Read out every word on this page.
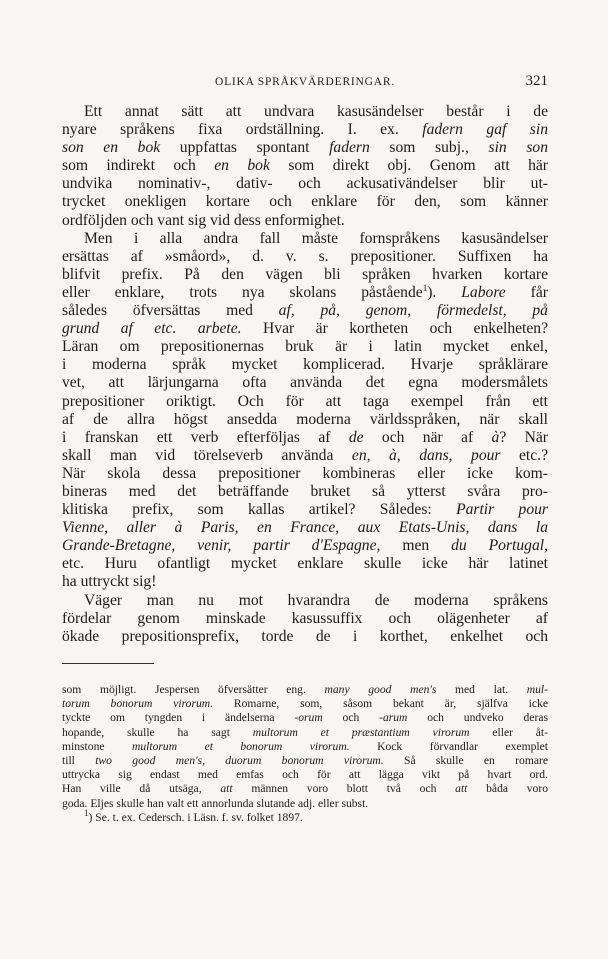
OLIKA SPRÅKVÄRDERINGAR.	321
Ett annat sätt att undvara kasusändelser består i de
nyare språkens fixa ordställning. I. ex. fadern gaf sin
son en bok uppfattas spontant fadern som subj., sin son
som indirekt och en bok som direkt obj. Genom att här
undvika nominativ-, dativ- och ackusativändelser blir ut-
trycket onekligen kortare och enklare för den, som känner
ordföljden och vant sig vid dess enformighet.
Men i alla andra fall måste fornspråkens kasusändelser
ersättas af »småord», d. v. s. prepositioner. Suffixen ha
blifvit prefix. På den vägen bli språken hvarken kortare
eller enklare, trots nya skolans påstående$^1$). Labore får
således öfversättas med af, på, genom, förmedelst, på
grund af etc. arbete. Hvar är kortheten och enkelheten?
Läran om prepositionernas bruk är i latin mycket enkel,
i moderna språk mycket komplicerad. Hvarje språklärare
vet, att lärjungarna ofta använda det egna modersmålets
prepositioner oriktigt. Och för att taga exempel från ett
af de allra högst ansedda moderna världsspråken, när skall
i franskan ett verb efterföljas af de och när af à? När
skall man vid törelseverb använda en, à, dans, pour etc.?
När skola dessa prepositioner kombineras eller icke kom-
bineras med det beträffande bruket så ytterst svåra pro-
klitiska prefix, som kallas artikel? Således: Partir pour
Vienne, aller à Paris, en France, aux Etats-Unis, dans la
Grande-Bretagne, venir, partir d'Espagne, men du Portugal,
etc. Huru ofantligt mycket enklare skulle icke här latinet
ha uttryckt sig!
Väger man nu mot hvarandra de moderna språkens
fördelar genom minskade kasussuffix och olägenheter af
ökade prepositionsprefix, torde de i korthet, enkelhet och
som möjligt. Jespersen öfversätter eng. many good men's med lat. mul-
torum bonorum virorum. Romarne, som, såsom bekant är, själfva icke
tyckte om tyngden i ändelserna -orum och -arum och undveko deras
hopande, skulle ha sagt multorum et præstantium virorum eller åt-
minstone multorum et bonorum virorum. Kock förvandlar exemplet
till two good men's, duorum bonorum virorum. Så skulle en romare
uttrycka sig endast med emfas och för att lägga vikt på hvart ord.
Han ville då utsäga, att männen voro blott två och att båda voro
goda. Eljes skulle han valt ett annorlunda slutande adj. eller subst.
$^1$) Se. t. ex. Cedersch. i Läsn. f. sv. folket 1897.
